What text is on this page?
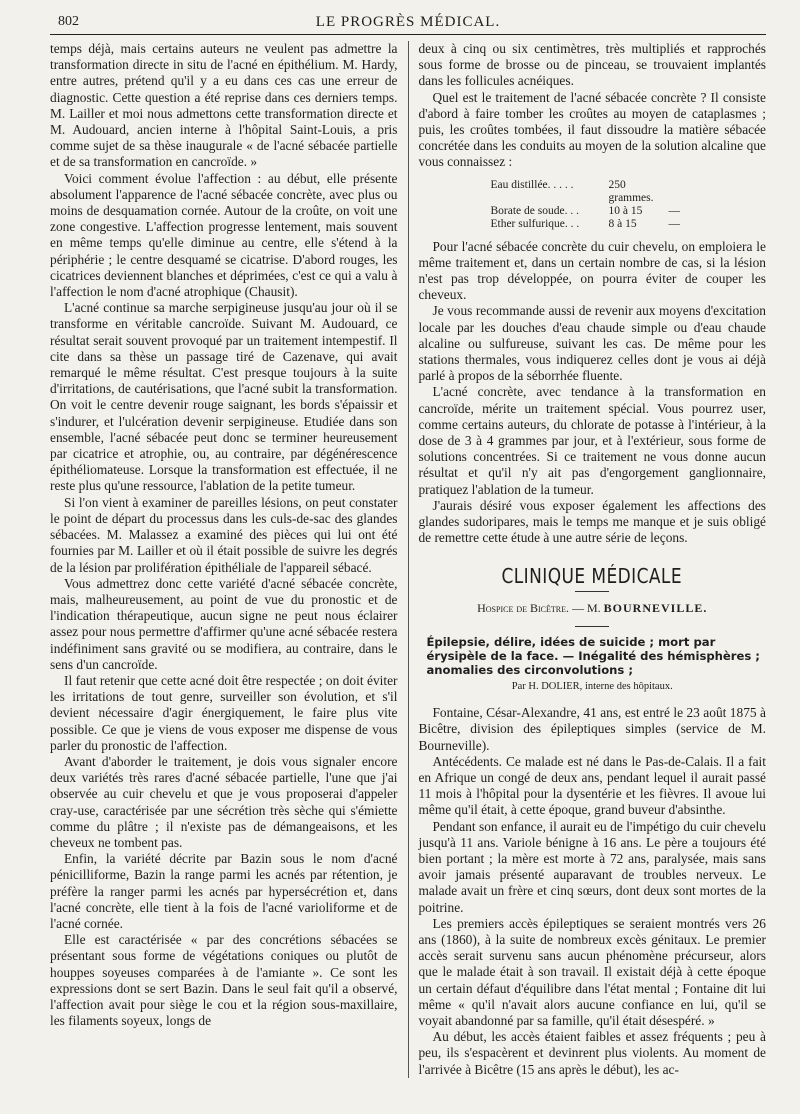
802	LE PROGRÈS MÉDICAL.

temps déjà, mais certains auteurs ne veulent pas admettre la transformation directe in situ de l'acné en épithélium. M. Hardy, entre autres, prétend qu'il y a eu dans ces cas une erreur de diagnostic. Cette question a été reprise dans ces derniers temps. M. Lailler et moi nous admettons cette transformation directe et M. Audouard, ancien interne à l'hôpital Saint-Louis, a pris comme sujet de sa thèse inaugurale « de l'acné sébacée partielle et de sa transformation en cancroïde. »

Voici comment évolue l'affection : au début, elle présente absolument l'apparence de l'acné sébacée concrète, avec plus ou moins de desquamation cornée. Autour de la croûte, on voit une zone congestive. L'affection progresse lentement, mais souvent en même temps qu'elle diminue au centre, elle s'étend à la périphérie ; le centre desquamé se cicatrise. D'abord rouges, les cicatrices deviennent blanches et déprimées, c'est ce qui a valu à l'affection le nom d'acné atrophique (Chausit).

L'acné continue sa marche serpigineuse jusqu'au jour où il se transforme en véritable cancroïde. Suivant M. Audouard, ce résultat serait souvent provoqué par un traitement intempestif. Il cite dans sa thèse un passage tiré de Cazenave, qui avait remarqué le même résultat. C'est presque toujours à la suite d'irritations, de cautérisations, que l'acné subit la transformation. On voit le centre devenir rouge saignant, les bords s'épaissir et s'indurer, et l'ulcération devenir serpigineuse. Etudiée dans son ensemble, l'acné sébacée peut donc se terminer heureusement par cicatrice et atrophie, ou, au contraire, par dégénérescence épithéliomateuse. Lorsque la transformation est effectuée, il ne reste plus qu'une ressource, l'ablation de la petite tumeur.

Si l'on vient à examiner de pareilles lésions, on peut constater le point de départ du processus dans les culs-de-sac des glandes sébacées. M. Malassez a examiné des pièces qui lui ont été fournies par M. Lailler et où il était possible de suivre les degrés de la lésion par prolifération épithéliale de l'appareil sébacé.

Vous admettrez donc cette variété d'acné sébacée concrète, mais, malheureusement, au point de vue du pronostic et de l'indication thérapeutique, aucun signe ne peut nous éclairer assez pour nous permettre d'affirmer qu'une acné sébacée restera indéfiniment sans gravité ou se modifiera, au contraire, dans le sens d'un cancroïde.

Il faut retenir que cette acné doit être respectée ; on doit éviter les irritations de tout genre, surveiller son évolution, et s'il devient nécessaire d'agir énergiquement, le faire plus vite possible. Ce que je viens de vous exposer me dispense de vous parler du pronostic de l'affection.

Avant d'aborder le traitement, je dois vous signaler encore deux variétés très rares d'acné sébacée partielle, l'une que j'ai observée au cuir chevelu et que je vous proposerai d'appeler cray-use, caractérisée par une sécrétion très sèche qui s'émiette comme du plâtre ; il n'existe pas de démangeaisons, et les cheveux ne tombent pas.

Enfin, la variété décrite par Bazin sous le nom d'acné pénicilliforme, Bazin la range parmi les acnés par rétention, je préfère la ranger parmi les acnés par hypersécrétion et, dans l'acné concrète, elle tient à la fois de l'acné varioliforme et de l'acné cornée.

Elle est caractérisée « par des concrétions sébacées se présentant sous forme de végétations coniques ou plutôt de houppes soyeuses comparées à de l'amiante ». Ce sont les expressions dont se sert Bazin. Dans le seul fait qu'il a observé, l'affection avait pour siège le cou et la région sous-maxillaire, les filaments soyeux, longs de

deux à cinq ou six centimètres, très multipliés et rapprochés sous forme de brosse ou de pinceau, se trouvaient implantés dans les follicules acnéiques.

Quel est le traitement de l'acné sébacée concrète ? Il consiste d'abord à faire tomber les croûtes au moyen de cataplasmes ; puis, les croûtes tombées, il faut dissoudre la matière sébacée concrétée dans les conduits au moyen de la solution alcaline que vous connaissez :

Eau distillée. . . . .	250 grammes.
Borate de soude. . .	10 à 15	—
Ether sulfurique. . .	8 à 15	—

Pour l'acné sébacée concrète du cuir chevelu, on emploiera le même traitement et, dans un certain nombre de cas, si la lésion n'est pas trop développée, on pourra éviter de couper les cheveux.

Je vous recommande aussi de revenir aux moyens d'excitation locale par les douches d'eau chaude simple ou d'eau chaude alcaline ou sulfureuse, suivant les cas. De même pour les stations thermales, vous indiquerez celles dont je vous ai déjà parlé à propos de la séborrhée fluente.

L'acné concrète, avec tendance à la transformation en cancroïde, mérite un traitement spécial. Vous pourrez user, comme certains auteurs, du chlorate de potasse à l'intérieur, à la dose de 3 à 4 grammes par jour, et à l'extérieur, sous forme de solutions concentrées. Si ce traitement ne vous donne aucun résultat et qu'il n'y ait pas d'engorgement ganglionnaire, pratiquez l'ablation de la tumeur.

J'aurais désiré vous exposer également les affections des glandes sudoripares, mais le temps me manque et je suis obligé de remettre cette étude à une autre série de leçons.

CLINIQUE MÉDICALE
Hospice de Bicêtre. — M. BOURNEVILLE.
Épilepsie, délire, idées de suicide ; mort par érysipèle de la face. — Inégalité des hémisphères ; anomalies des circonvolutions ;
Par H. DOLIER, interne des hôpitaux.

Fontaine, César-Alexandre, 41 ans, est entré le 23 août 1875 à Bicêtre, division des épileptiques simples (service de M. Bourneville).

Antécédents. Ce malade est né dans le Pas-de-Calais. Il a fait en Afrique un congé de deux ans, pendant lequel il aurait passé 11 mois à l'hôpital pour la dysentérie et les fièvres. Il avoue lui même qu'il était, à cette époque, grand buveur d'absinthe.

Pendant son enfance, il aurait eu de l'impétigo du cuir chevelu jusqu'à 11 ans. Variole bénigne à 16 ans. Le père a toujours été bien portant ; la mère est morte à 72 ans, paralysée, mais sans avoir jamais présenté auparavant de troubles nerveux. Le malade avait un frère et cinq sœurs, dont deux sont mortes de la poitrine.

Les premiers accès épileptiques se seraient montrés vers 26 ans (1860), à la suite de nombreux excès génitaux. Le premier accès serait survenu sans aucun phénomène précurseur, alors que le malade était à son travail. Il existait déjà à cette époque un certain défaut d'équilibre dans l'état mental ; Fontaine dit lui même « qu'il n'avait alors aucune confiance en lui, qu'il se voyait abandonné par sa famille, qu'il était désespéré. »

Au début, les accès étaient faibles et assez fréquents ; peu à peu, ils s'espacèrent et devinrent plus violents. Au moment de l'arrivée à Bicêtre (15 ans après le début), les ac-
